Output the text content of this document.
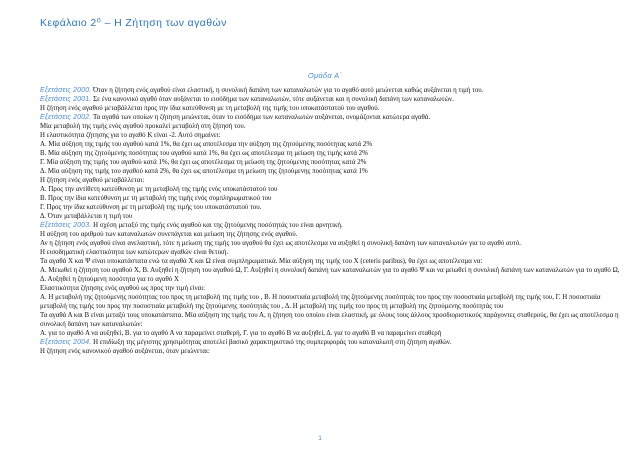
Κεφάλαιο 2⁰ – Η Ζήτηση των αγαθών
Ομάδα Α΄
Εξετάσεις 2000. Όταν η ζήτηση ενός αγαθού είναι ελαστική, η συνολική δαπάνη των καταναλωτών για το αγαθό αυτό μειώνεται καθώς αυξάνεται η τιμή του.
Εξετάσεις 2001. Σε ένα κανονικό αγαθό όταν αυξάνεται το εισόδημα των καταναλωτών, τότε αυξάνεται και η συνολική δαπάνη των καταναλωτών.
Η ζήτηση ενός αγαθού μεταβάλλεται προς την ίδια κατεύθυνση με τη μεταβολή της τιμής του υποκατάστατού του αγαθού.
Εξετάσεις 2002. Τα αγαθά των οποίων η ζήτηση μειώνεται, όταν το εισόδημα των καταναλωτών αυξάνεται, ονομάζονται κατώτερα αγαθά.
Μία μεταβολή της τιμής ενός αγαθού προκαλεί μεταβολή στη ζήτησή του.
Η ελαστικότητα ζήτησης για το αγαθό Κ είναι -2. Αυτό σημαίνει:
Α. Μία αύξηση της τιμής του αγαθού κατά 1%, θα έχει ως αποτέλεσμα την αύξηση της ζητούμενης ποσότητας κατά 2%
Β. Μία αύξηση της ζητούμενης ποσότητας του αγαθού κατά 1%, θα έχει ως αποτέλεσμα τη μείωση της τιμής κατά 2%
Γ. Μία αύξηση της τιμής του αγαθού κατά 1%, θα έχει ως αποτέλεσμα τη μείωση της ζητούμενης ποσότητας κατά 2%
Δ. Μία αύξηση της τιμής του αγαθού κατά 2%, θα έχει ως αποτέλεσμα τη μείωση της ζητούμενης ποσότητας κατά 1%
Η ζήτηση ενός αγαθού μεταβάλλεται:
Α. Προς την αντίθετη κατεύθυνση με τη μεταβολή της τιμής ενός υποκατάστατού του
Β. Προς την ίδια κατεύθυνση με τη μεταβολή της τιμής ενός συμπληρωματικού του
Γ. Προς την ίδια κατεύθυνση με τη μεταβολή της τιμής του υποκατάστατού του.
Δ. Όταν μεταβάλλεται η τιμή του
Εξετάσεις 2003. Η σχέση μεταξύ της τιμής ενός αγαθού και της ζητούμενης ποσότητάς του είναι αρνητική.
Η αύξηση του αριθμού των καταναλωτών συνεπάγεται και μείωση της ζήτησης ενός αγαθού.
Αν η ζήτηση ενός αγαθού είναι ανελαστική, τότε η μείωση της τιμής του αγαθού θα έχει ως αποτέλεσμα να αυξηθεί η συνολική δαπάνη των καταναλωτών για το αγαθό αυτό.
Η εισοδηματική ελαστικότητα των κατώτερων αγαθών είναι θετική.
Τα αγαθά Χ και Ψ είναι υποκατάστατα ενώ τα αγαθά Χ και Ω είναι συμπληρωματικά. Μία αύξηση της τιμής του Χ (ceteris paribus), θα έχει ως αποτέλεσμα να:
Α. Μειωθεί η ζήτηση του αγαθού Χ, Β. Αυξηθεί η ζήτηση του αγαθού Ω, Γ. Αυξηθεί η συνολική δαπάνη των καταναλωτών για το αγαθό Ψ και να μειωθεί η συνολική δαπάνη των καταναλωτών για το αγαθό Ω, Δ. Αυξηθεί η ζητούμενη ποσότητα για το αγαθό Χ
Ελαστικότητα ζήτησης ενός αγαθού ως προς την τιμή είναι:
Α. Η μεταβολή της ζητούμενης ποσότητας του προς τη μεταβολή της τιμής του , Β. Η ποσοστιαία μεταβολή της ζητούμενης ποσότητάς του προς την ποσοστιαία μεταβολή της τιμής του, Γ. Η ποσοστιαία μεταβολή της τιμής του προς την ποσοστιαία μεταβολή της ζητούμενης ποσότητάς του , Δ. Η μεταβολή της τιμής του προς τη μεταβολή της ζητούμενης ποσότητάς του
Τα αγαθά Α και Β είναι μεταξύ τους υποκατάστατα. Μία αύξηση της τιμής του Α, η ζήτηση του οποίου είναι ελαστική, με όλους τους άλλους προσδιοριστικούς παράγοντες σταθερούς, θα έχει ως αποτέλεσμα η συνολική δαπάνη των καταναλωτών:
Α. για το αγαθό Α να αυξηθεί, Β. για το αγαθό Α να παραμείνει σταθερή, Γ. για το αγαθό Β να αυξηθεί, Δ. για το αγαθό Β να παραμείνει σταθερή
Εξετάσεις 2004. Η επιδίωξη της μέγιστης χρησιμότητας αποτελεί βασικό χαρακτηριστικό της συμπεριφοράς του καταναλωτή στη ζήτηση αγαθών.
Η ζήτηση ενός κανονικού αγαθού αυξάνεται, όταν μειώνεται:
1
